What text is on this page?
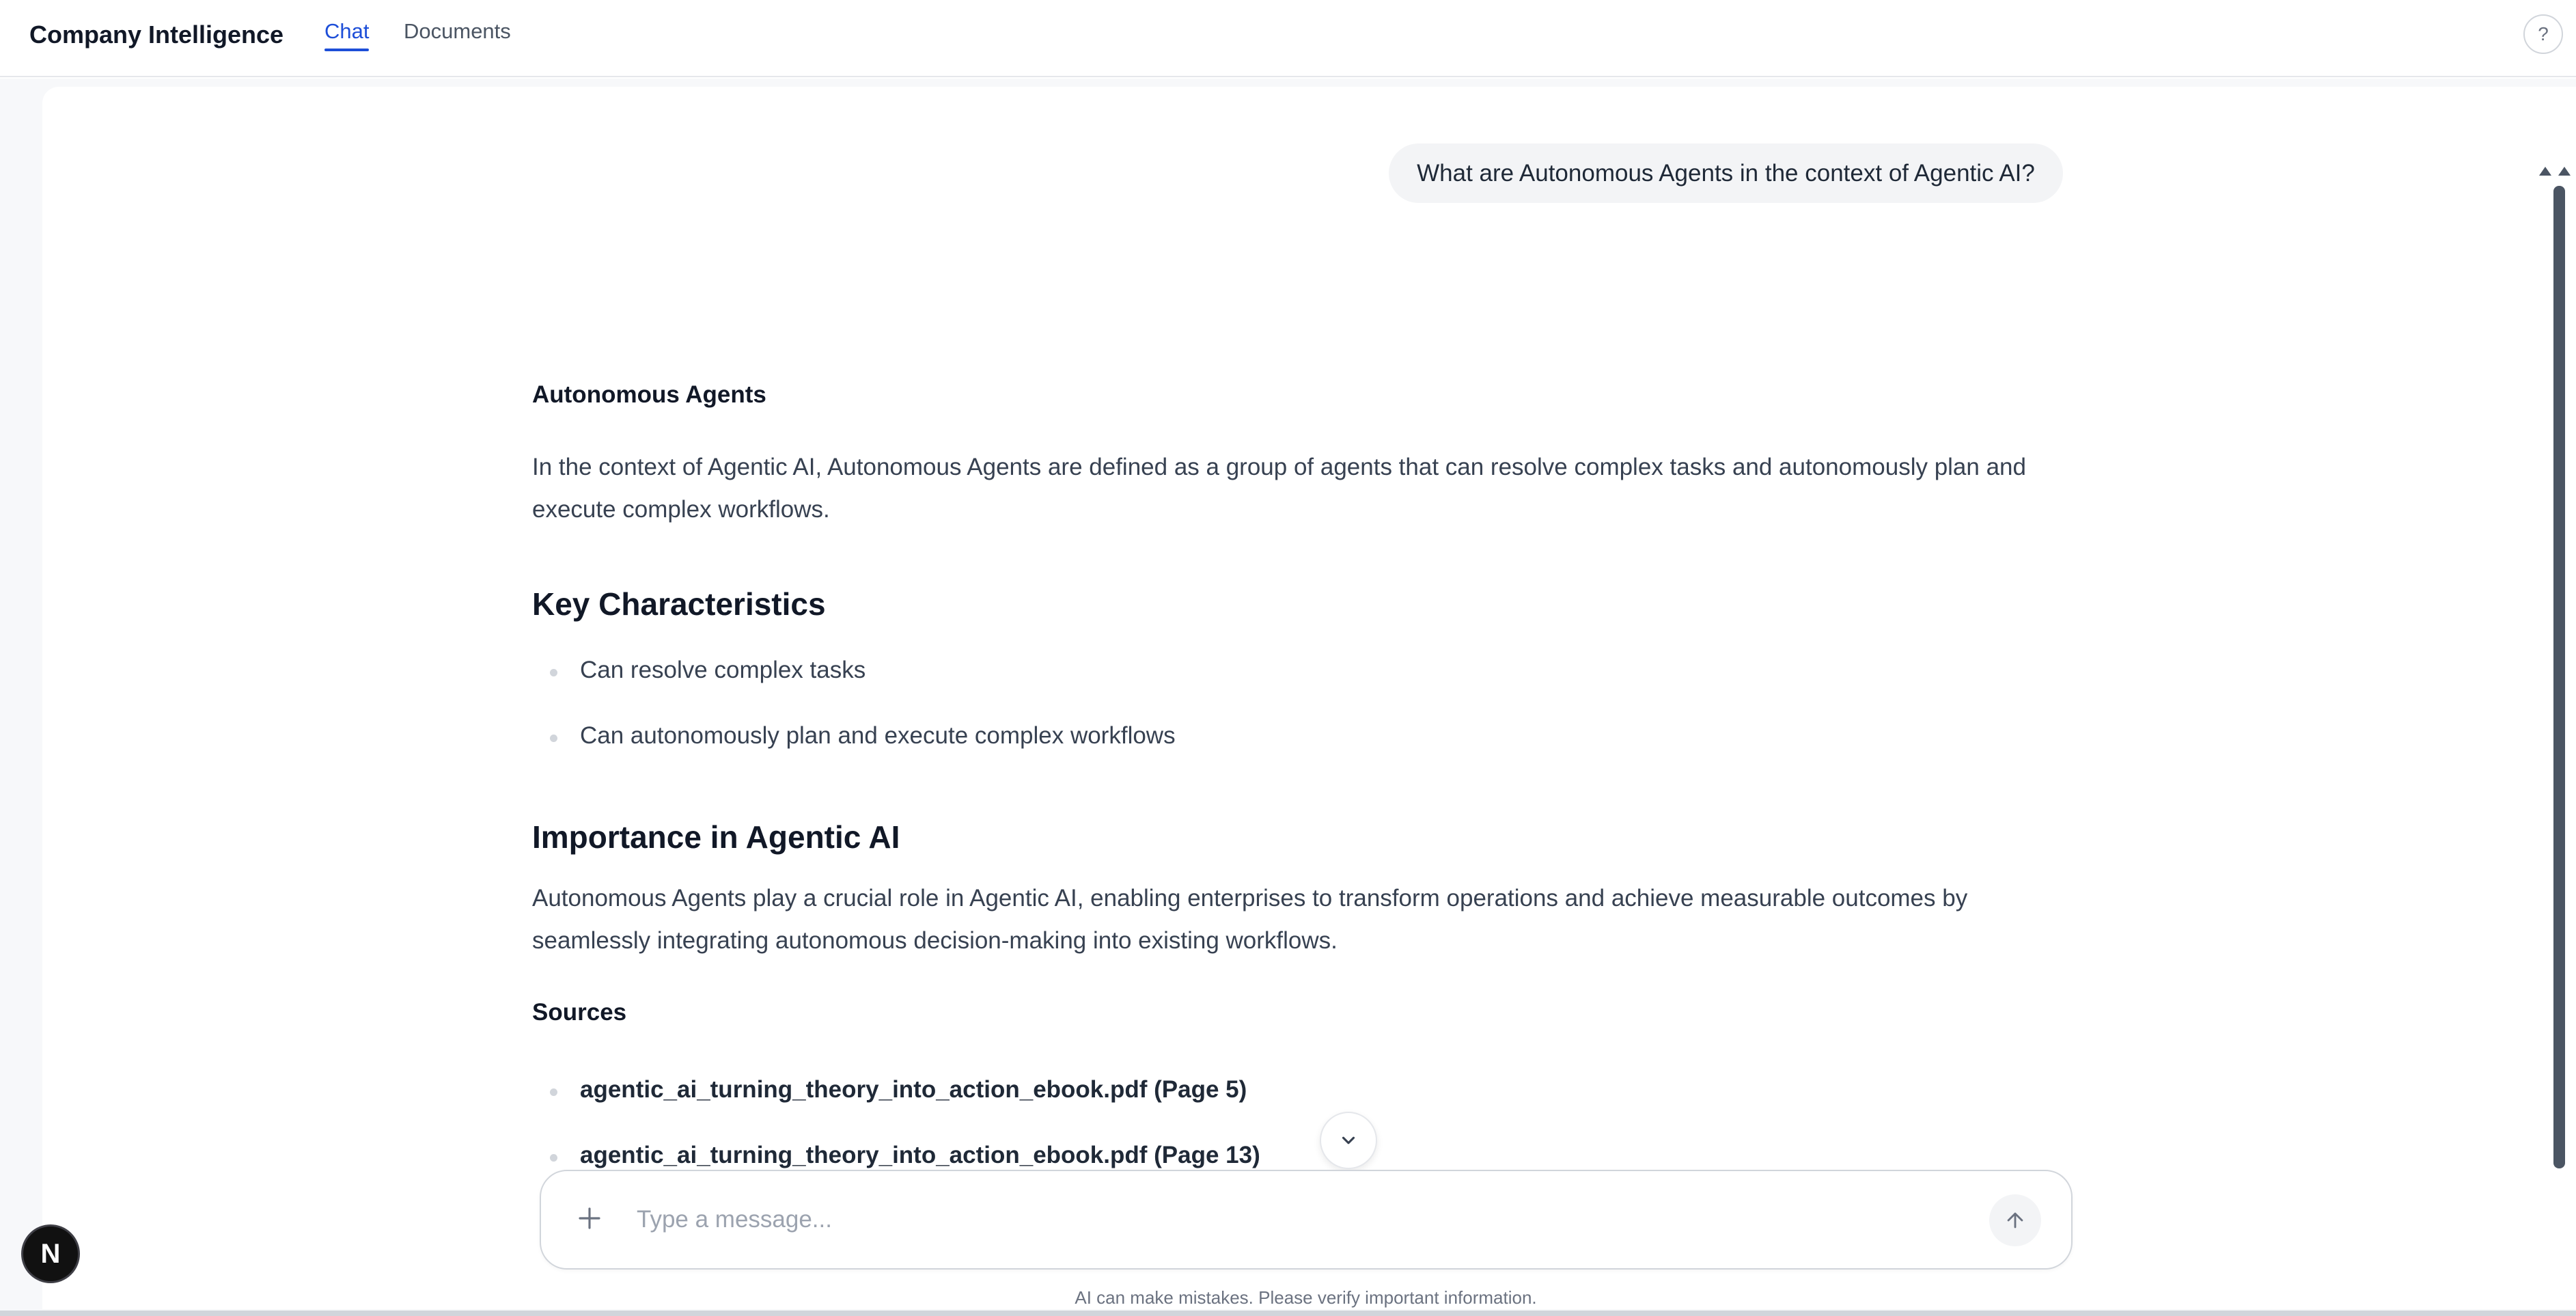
Company Intelligence Chat Documents	?
What are Autonomous Agents in the context of Agentic AI?
Autonomous Agents
In the context of Agentic AI, Autonomous Agents are defined as a group of agents that can resolve complex tasks and autonomously plan and execute complex workflows.
Key Characteristics
Can resolve complex tasks
Can autonomously plan and execute complex workflows
Importance in Agentic AI
Autonomous Agents play a crucial role in Agentic AI, enabling enterprises to transform operations and achieve measurable outcomes by seamlessly integrating autonomous decision-making into existing workflows.
Sources
agentic_ai_turning_theory_into_action_ebook.pdf (Page 5)
agentic_ai_turning_theory_into_action_ebook.pdf (Page 13)
Type a message...
AI can make mistakes. Please verify important information.
N
